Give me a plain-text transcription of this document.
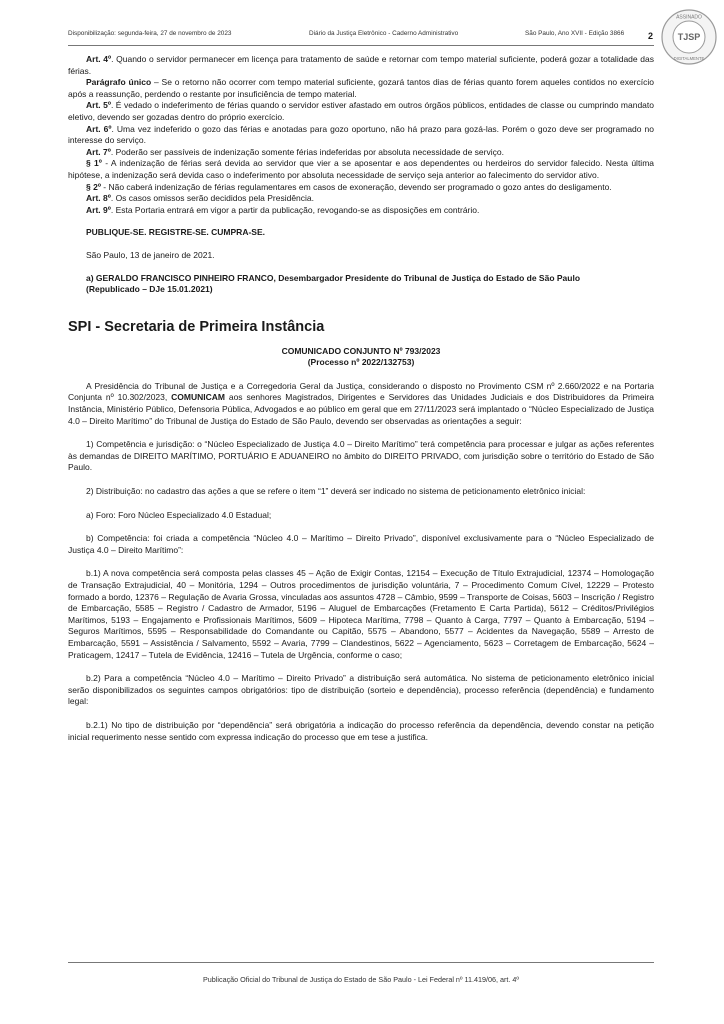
Disponibilização: segunda-feira, 27 de novembro de 2023	Diário da Justiça Eletrônico - Caderno Administrativo	São Paulo, Ano XVII - Edição 3866	2
ASSINADO
TJSP
DIGITALMENTE

Art. 4º. Quando o servidor permanecer em licença para tratamento de saúde e retornar com tempo material suficiente, poderá gozar a totalidade das férias.

Parágrafo único – Se o retorno não ocorrer com tempo material suficiente, gozará tantos dias de férias quanto forem aqueles contidos no exercício após a reassunção, perdendo o restante por insuficiência de tempo material.

Art. 5º. É vedado o indeferimento de férias quando o servidor estiver afastado em outros órgãos públicos, entidades de classe ou cumprindo mandato eletivo, devendo ser gozadas dentro do próprio exercício.

Art. 6º. Uma vez indeferido o gozo das férias e anotadas para gozo oportuno, não há prazo para gozá-las. Porém o gozo deve ser programado no interesse do serviço.

Art. 7º. Poderão ser passíveis de indenização somente férias indeferidas por absoluta necessidade de serviço.

§ 1º - A indenização de férias será devida ao servidor que vier a se aposentar e aos dependentes ou herdeiros do servidor falecido. Nesta última hipótese, a indenização será devida caso o indeferimento por absoluta necessidade de serviço seja anterior ao falecimento do servidor ativo.

§ 2º - Não caberá indenização de férias regulamentares em casos de exoneração, devendo ser programado o gozo antes do desligamento.

Art. 8º. Os casos omissos serão decididos pela Presidência.

Art. 9º. Esta Portaria entrará em vigor a partir da publicação, revogando-se as disposições em contrário.

PUBLIQUE-SE. REGISTRE-SE. CUMPRA-SE.

São Paulo, 13 de janeiro de 2021.

a) GERALDO FRANCISCO PINHEIRO FRANCO, Desembargador Presidente do Tribunal de Justiça do Estado de São Paulo

(Republicado – DJe 15.01.2021)

SPI - Secretaria de Primeira Instância

COMUNICADO CONJUNTO Nº 793/2023

(Processo nº 2022/132753)

A Presidência do Tribunal de Justiça e a Corregedoria Geral da Justiça, considerando o disposto no Provimento CSM nº 2.660/2022 e na Portaria Conjunta nº 10.302/2023, COMUNICAM aos senhores Magistrados, Dirigentes e Servidores das Unidades Judiciais e dos Distribuidores da Primeira Instância, Ministério Público, Defensoria Pública, Advogados e ao público em geral que em 27/11/2023 será implantado o “Núcleo Especializado de Justiça 4.0 – Direito Marítimo” do Tribunal de Justiça do Estado de São Paulo, devendo ser observadas as orientações a seguir:

1) Competência e jurisdição: o “Núcleo Especializado de Justiça 4.0 – Direito Marítimo” terá competência para processar e julgar as ações referentes às demandas de DIREITO MARÍTIMO, PORTUÁRIO E ADUANEIRO no âmbito do DIREITO PRIVADO, com jurisdição sobre o território do Estado de São Paulo.

2) Distribuição: no cadastro das ações a que se refere o item “1” deverá ser indicado no sistema de peticionamento eletrônico inicial:

a) Foro: Foro Núcleo Especializado 4.0 Estadual;

b) Competência: foi criada a competência “Núcleo 4.0 – Marítimo – Direito Privado”, disponível exclusivamente para o “Núcleo Especializado de Justiça 4.0 – Direito Marítimo”:

b.1) A nova competência será composta pelas classes 45 – Ação de Exigir Contas, 12154 – Execução de Título Extrajudicial, 12374 – Homologação de Transação Extrajudicial, 40 – Monitória, 1294 – Outros procedimentos de jurisdição voluntária, 7 – Procedimento Comum Cível, 12229 – Protesto formado a bordo, 12376 – Regulação de Avaria Grossa, vinculadas aos assuntos 4728 – Câmbio, 9599 – Transporte de Coisas, 5603 – Inscrição / Registro de Embarcação, 5585 – Registro / Cadastro de Armador, 5196 – Aluguel de Embarcações (Fretamento E Carta Partida), 5612 – Créditos/Privilégios Marítimos, 5193 – Engajamento e Profissionais Marítimos, 5609 – Hipoteca Marítima, 7798 – Quanto à Carga, 7797 – Quanto à Embarcação, 5194 – Seguros Marítimos, 5595 – Responsabilidade do Comandante ou Capitão, 5575 – Abandono, 5577 – Acidentes da Navegação, 5589 – Arresto de Embarcação, 5591 – Assistência / Salvamento, 5592 – Avaria, 7799 – Clandestinos, 5622 – Agenciamento, 5623 – Corretagem de Embarcação, 5624 – Praticagem, 12417 – Tutela de Evidência, 12416 – Tutela de Urgência, conforme o caso;

b.2) Para a competência “Núcleo 4.0 – Marítimo – Direito Privado” a distribuição será automática. No sistema de peticionamento eletrônico inicial serão disponibilizados os seguintes campos obrigatórios: tipo de distribuição (sorteio e dependência), processo referência (dependência) e fundamento legal:

b.2.1) No tipo de distribuição por “dependência” será obrigatória a indicação do processo referência da dependência, devendo constar na petição inicial requerimento nesse sentido com expressa indicação do processo que em tese a justifica.

Publicação Oficial do Tribunal de Justiça do Estado de São Paulo - Lei Federal nº 11.419/06, art. 4º
